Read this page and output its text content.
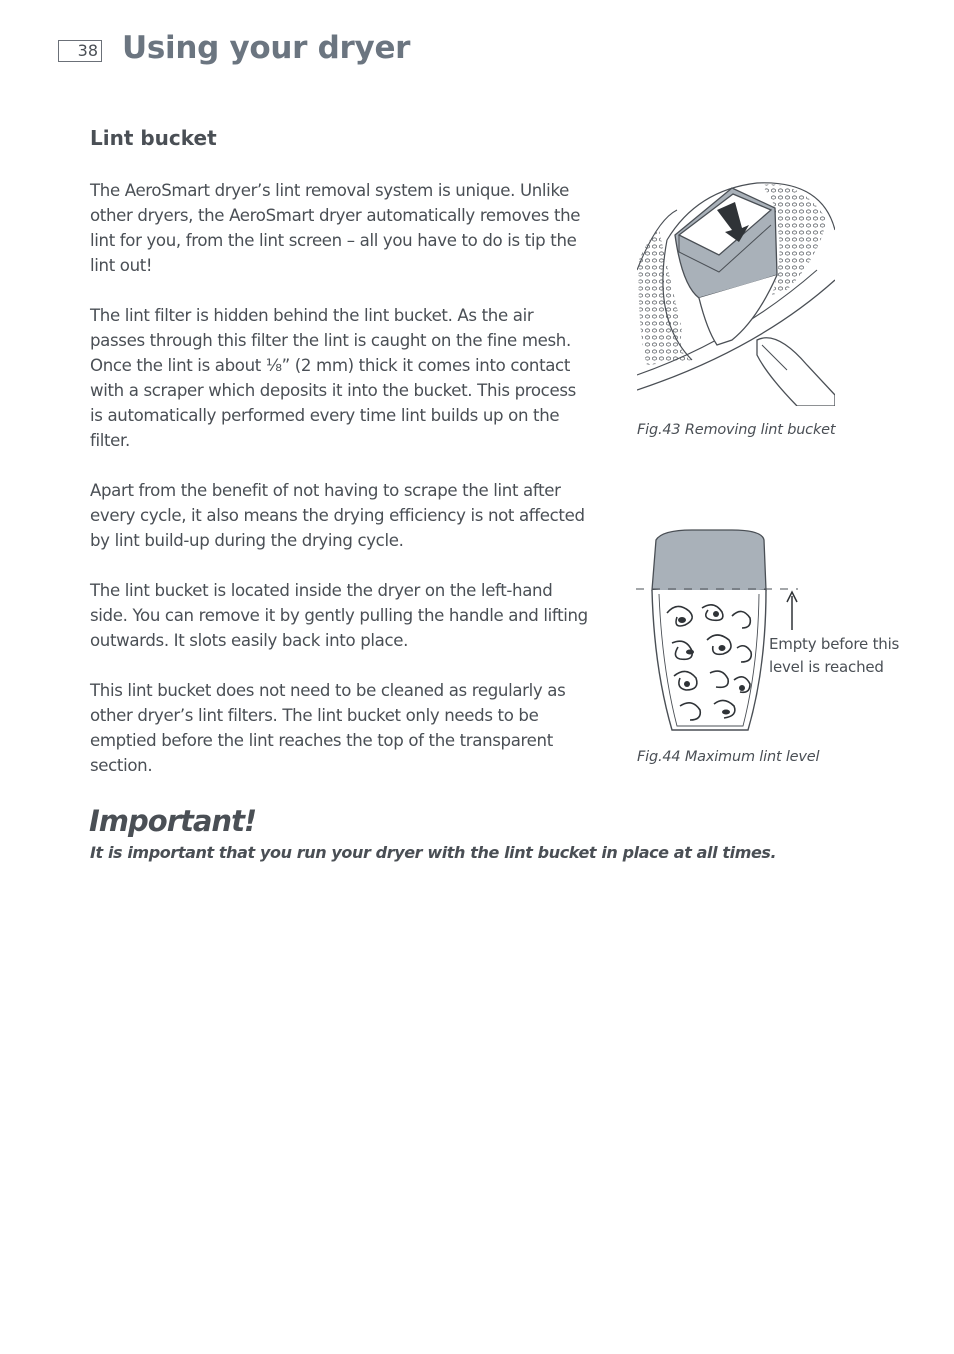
38 Using your dryer
Lint bucket

The AeroSmart dryer’s lint removal system is unique. Unlike other dryers, the AeroSmart dryer automatically removes the lint for you, from the lint screen – all you have to do is tip the lint out!

The lint filter is hidden behind the lint bucket. As the air passes through this filter the lint is caught on the fine mesh. Once the lint is about ⅛” (2 mm) thick it comes into contact with a scraper which deposits it into the bucket. This process is automatically performed every time lint builds up on the filter.

Apart from the benefit of not having to scrape the lint after every cycle, it also means the drying efficiency is not affected by lint build-up during the drying cycle.

The lint bucket is located inside the dryer on the left-hand side. You can remove it by gently pulling the handle and lifting outwards. It slots easily back into place.

This lint bucket does not need to be cleaned as regularly as other dryer’s lint filters. The lint bucket only needs to be emptied before the lint reaches the top of the transparent section.

Fig.43 Removing lint bucket

Empty before this level is reached

Fig.44 Maximum lint level

Important!

It is important that you run your dryer with the lint bucket in place at all times.
